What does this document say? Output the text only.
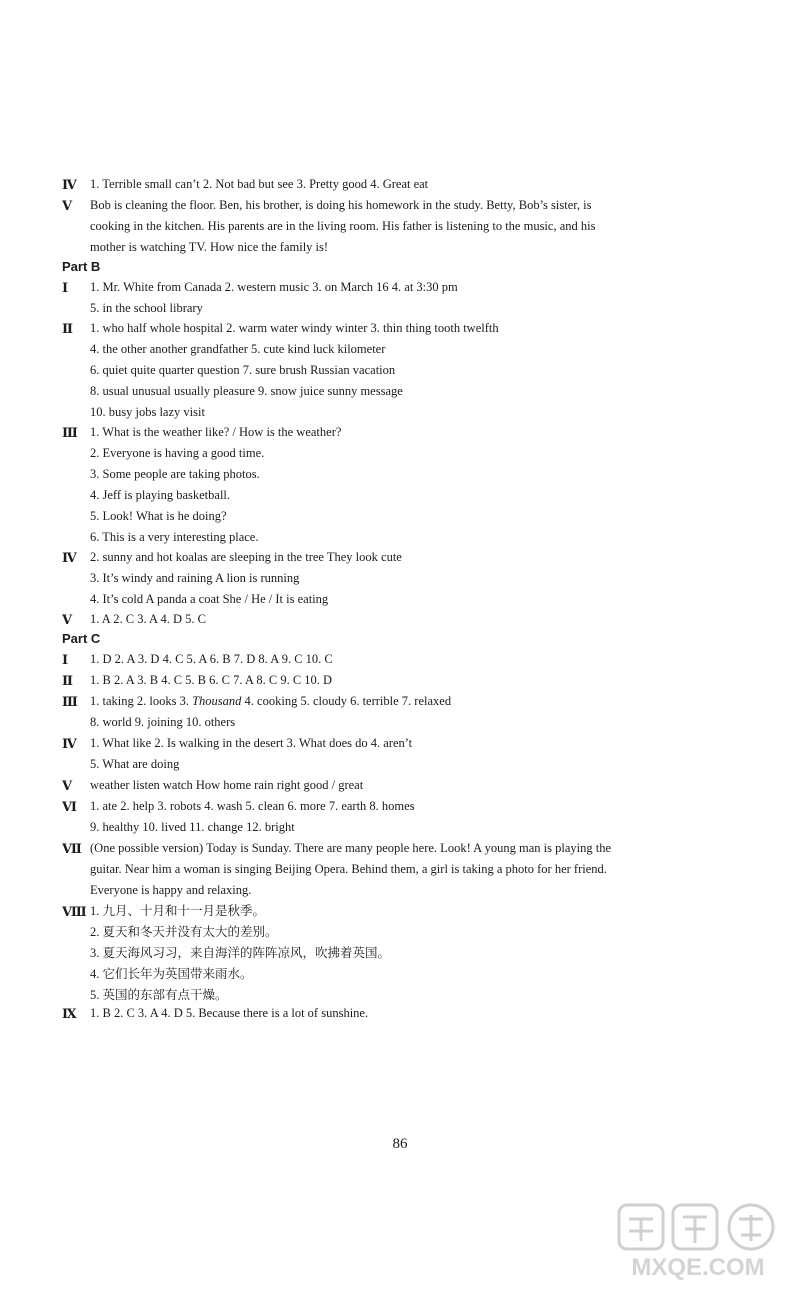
Ⅳ	1. Terrible small can’t 2. Not bad but see 3. Pretty good 4. Great eat
Ⅴ	Bob is cleaning the floor. Ben, his brother, is doing his homework in the study. Betty, Bob’s sister, is
cooking in the kitchen. His parents are in the living room. His father is listening to the music, and his
mother is watching TV. How nice the family is!
Part B
Ⅰ	1. Mr. White from Canada 2. western music 3. on March 16 4. at 3:30 pm
5. in the school library
Ⅱ	1. who half whole hospital 2. warm water windy winter 3. thin thing tooth twelfth
4. the other another grandfather 5. cute kind luck kilometer
6. quiet quite quarter question 7. sure brush Russian vacation
8. usual unusual usually pleasure 9. snow juice sunny message
10. busy jobs lazy visit
Ⅲ 1. What is the weather like? / How is the weather?
2. Everyone is having a good time.
3. Some people are taking photos.
4. Jeff is playing basketball.
5. Look! What is he doing?
6. This is a very interesting place.
Ⅳ	2. sunny and hot koalas are sleeping in the tree They look cute
3. It’s windy and raining A lion is running
4. It’s cold A panda a coat She / He / It is eating
Ⅴ	1. A 2. C 3. A 4. D 5. C
Part C
Ⅰ	1. D 2. A 3. D 4. C 5. A 6. B 7. D 8. A 9. C 10. C
Ⅱ	1. B 2. A 3. B 4. C 5. B 6. C 7. A 8. C 9. C 10. D
Ⅲ 1. taking 2. looks 3. Thousand 4. cooking 5. cloudy 6. terrible 7. relaxed
8. world 9. joining 10. others
Ⅳ	1. What like 2. Is walking in the desert 3. What does do 4. aren’t
5. What are doing
Ⅴ	weather listen watch How home rain right good / great
Ⅵ	1. ate 2. help 3. robots 4. wash 5. clean 6. more 7. earth 8. homes
9. healthy 10. lived 11. change 12. bright
Ⅶ (One possible version) Today is Sunday. There are many people here. Look! A young man is playing the
guitar. Near him a woman is singing Beijing Opera. Behind them, a girl is taking a photo for her friend.
Everyone is happy and relaxing.
Ⅷ 1. 九月、十月和十一月是秋季。
2. 夏天和冬天并没有太大的差别。
3. 夏天海风习习，来自海洋的阵阵凉风，吹拂着英国。
4. 它们长年为英国带来雨水。
5. 英国的东部有点干燥。
Ⅸ	1. B 2. C 3. A 4. D 5. Because there is a lot of sunshine.
86
MXQE.COM
